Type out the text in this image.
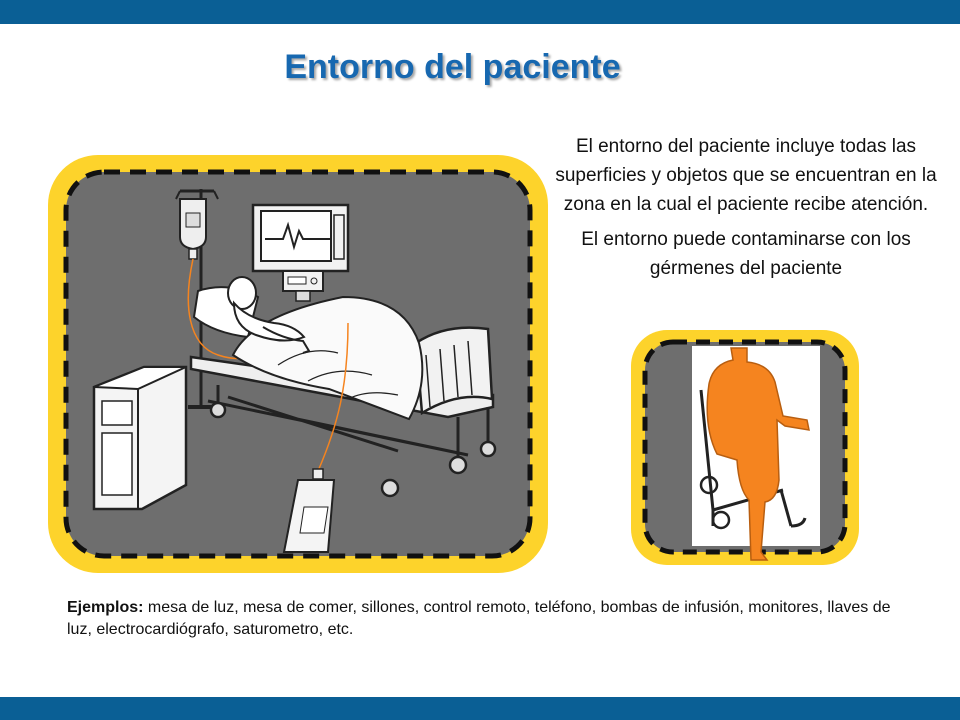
Entorno del paciente

El entorno del paciente incluye todas las superficies y objetos que se encuentran en la zona en la cual el paciente recibe atención.

El entorno puede contaminarse con los gérmenes del paciente

Ejemplos: mesa de luz, mesa de comer, sillones, control remoto, teléfono, bombas de infusión, monitores, llaves de luz, electrocardiógrafo, saturometro, etc.
